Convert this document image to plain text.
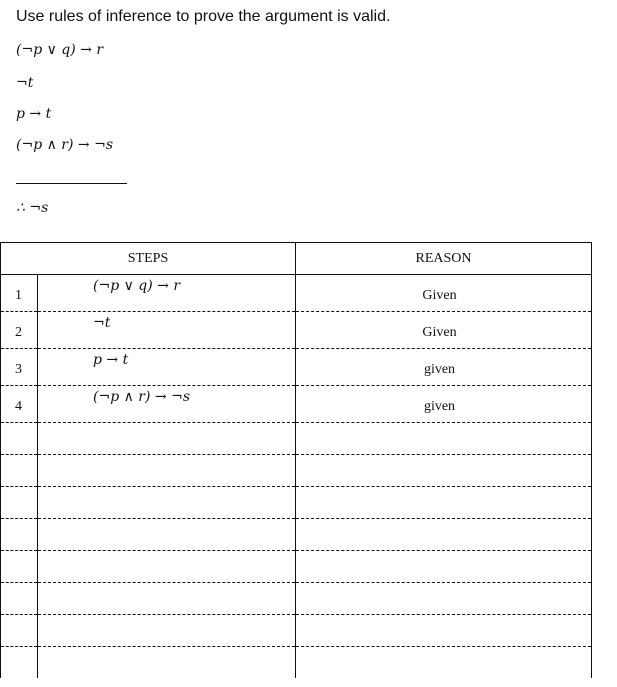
Use rules of inference to prove the argument is valid.
(¬p ∨ q) → r
¬t
p → t
(¬p ∧ r) → ¬s
∴ ¬s
STEPS		REASON
1	(¬p ∨ q) → r	Given
2	¬t	Given
3	p → t	given
4	(¬p ∧ r) → ¬s	given
